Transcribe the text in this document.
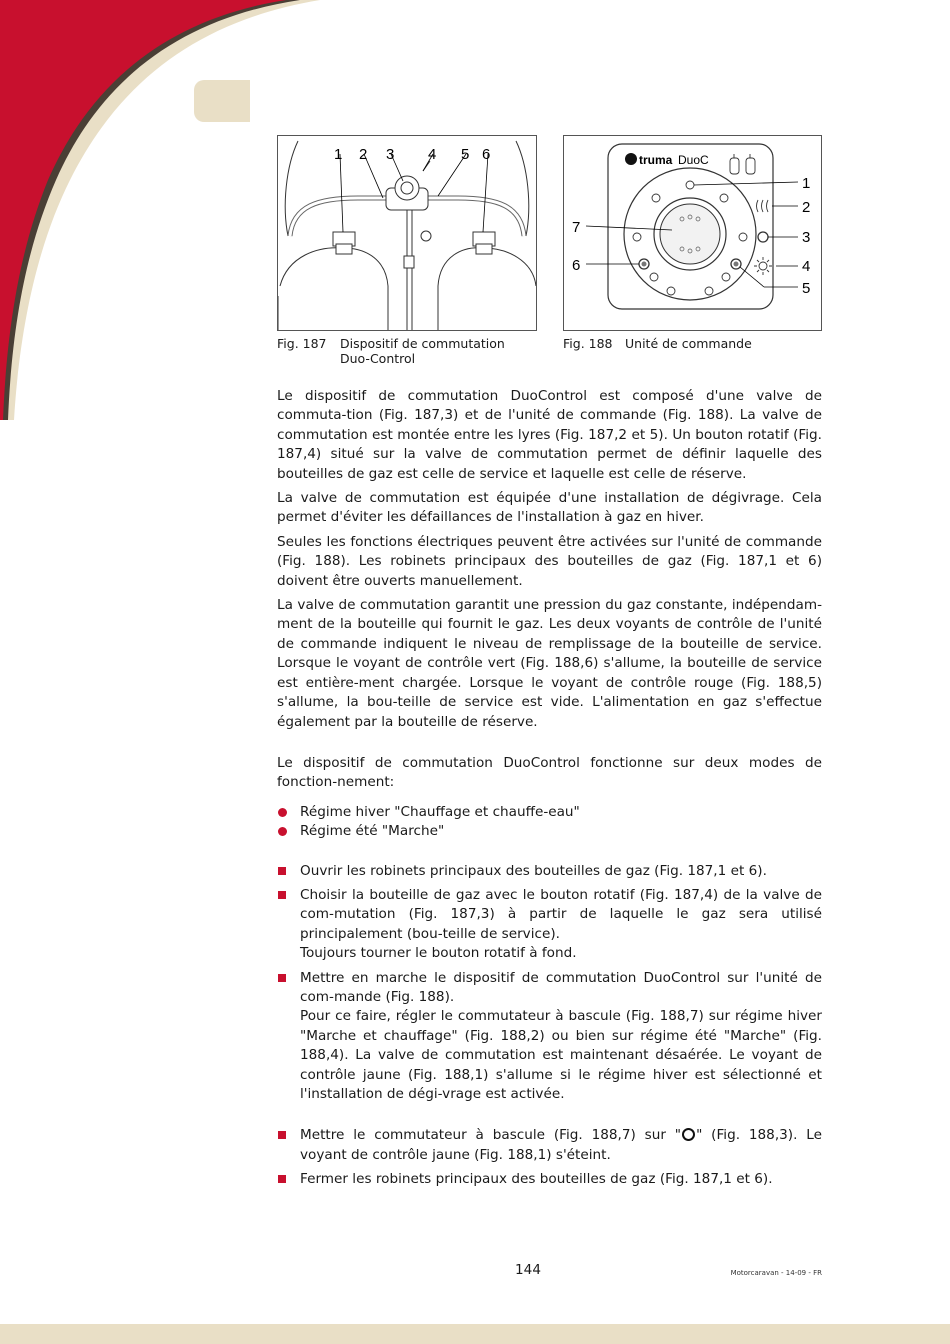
1 2 3 4 5 6	truma DuoC
1
2
3
4
5
6
7
Fig. 187 Dispositif de commutation Duo-Control
Fig. 188 Unité de commande

Le dispositif de commutation DuoControl est composé d'une valve de commuta-tion (Fig. 187,3) et de l'unité de commande (Fig. 188). La valve de commutation est montée entre les lyres (Fig. 187,2 et 5). Un bouton rotatif (Fig. 187,4) situé sur la valve de commutation permet de définir laquelle des bouteilles de gaz est celle de service et laquelle est celle de réserve.

La valve de commutation est équipée d'une installation de dégivrage. Cela permet d'éviter les défaillances de l'installation à gaz en hiver.

Seules les fonctions électriques peuvent être activées sur l'unité de commande (Fig. 188). Les robinets principaux des bouteilles de gaz (Fig. 187,1 et 6) doivent être ouverts manuellement.

La valve de commutation garantit une pression du gaz constante, indépendam-ment de la bouteille qui fournit le gaz. Les deux voyants de contrôle de l'unité de commande indiquent le niveau de remplissage de la bouteille de service. Lorsque le voyant de contrôle vert (Fig. 188,6) s'allume, la bouteille de service est entière-ment chargée. Lorsque le voyant de contrôle rouge (Fig. 188,5) s'allume, la bou-teille de service est vide. L'alimentation en gaz s'effectue également par la bouteille de réserve.

Le dispositif de commutation DuoControl fonctionne sur deux modes de fonction-nement:

Régime hiver "Chauffage et chauffe-eau"
Régime été "Marche"
Ouvrir les robinets principaux des bouteilles de gaz (Fig. 187,1 et 6).
Choisir la bouteille de gaz avec le bouton rotatif (Fig. 187,4) de la valve de com-mutation (Fig. 187,3) à partir de laquelle le gaz sera utilisé principalement (bou-teille de service).
Toujours tourner le bouton rotatif à fond.
Mettre en marche le dispositif de commutation DuoControl sur l'unité de com-mande (Fig. 188).
Pour ce faire, régler le commutateur à bascule (Fig. 188,7) sur régime hiver "Marche et chauffage" (Fig. 188,2) ou bien sur régime été "Marche" (Fig. 188,4). La valve de commutation est maintenant désaérée. Le voyant de contrôle jaune (Fig. 188,1) s'allume si le régime hiver est sélectionné et l'installation de dégi-vrage est activée.
Mettre le commutateur à bascule (Fig. 188,7) sur " " (Fig. 188,3). Le voyant de contrôle jaune (Fig. 188,1) s'éteint.
Fermer les robinets principaux des bouteilles de gaz (Fig. 187,1 et 6).
144	Motorcaravan - 14-09 - FR
